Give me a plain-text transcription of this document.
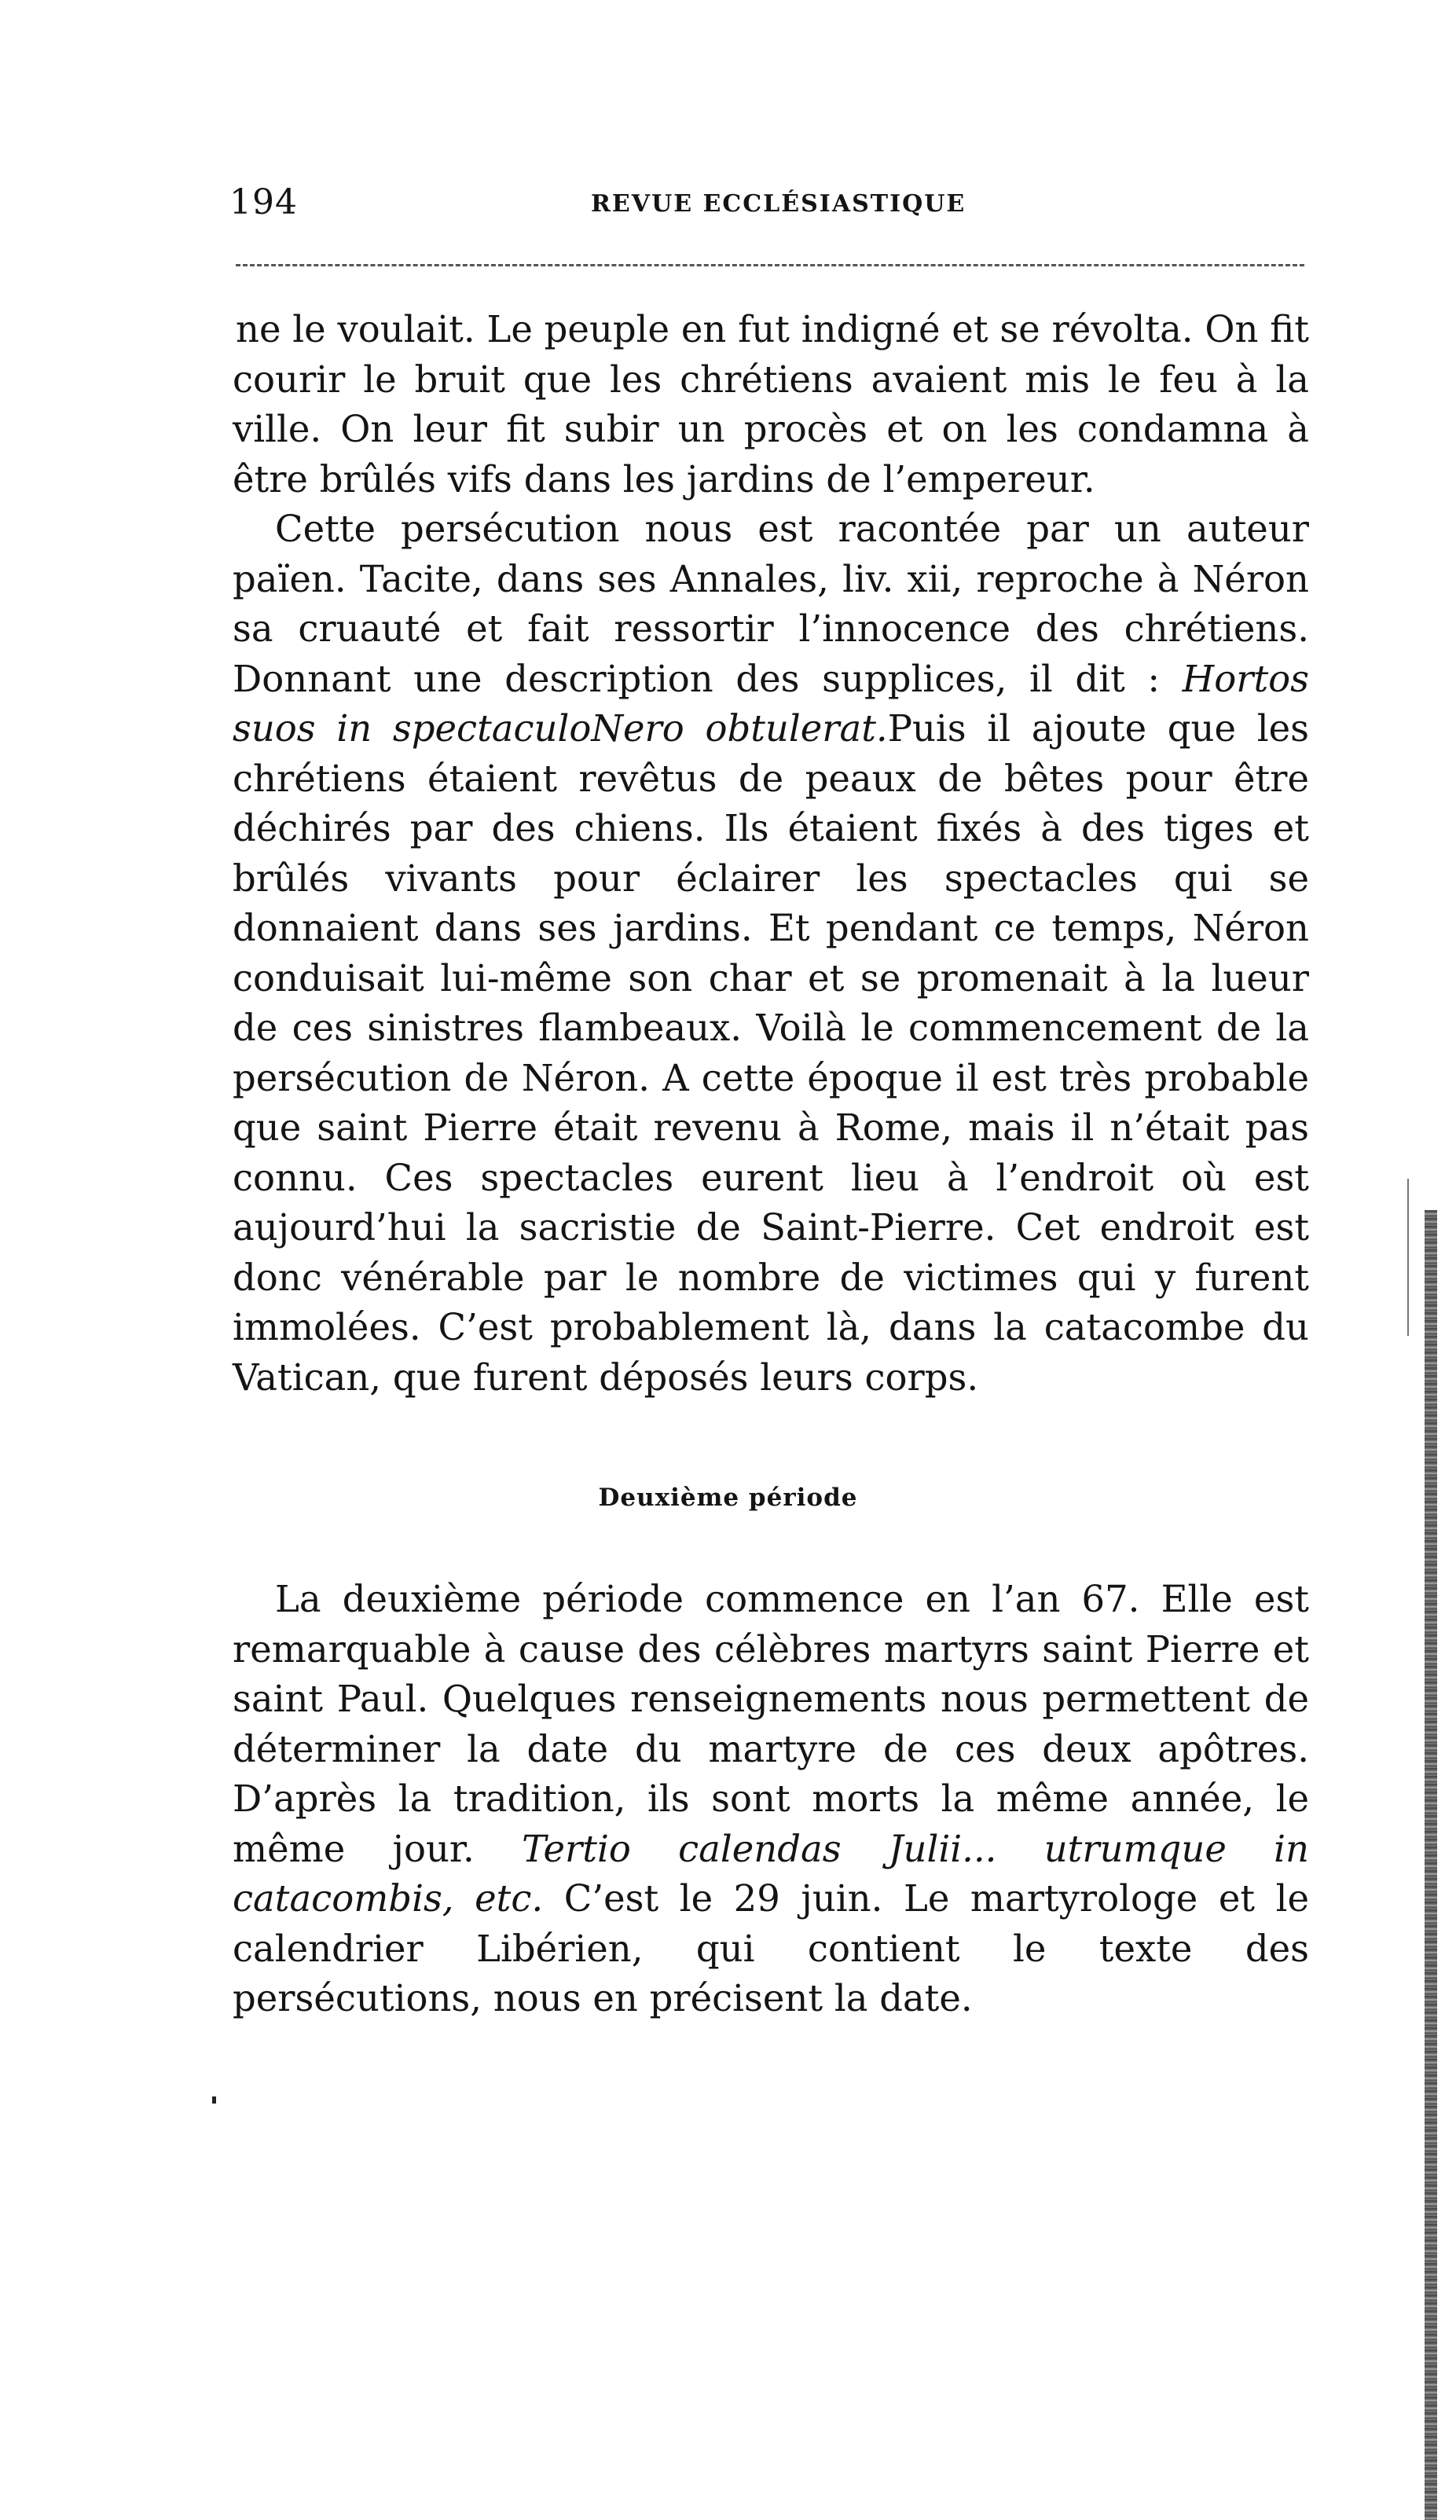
194	REVUE ECCLÉSIASTIQUE

ne le voulait. Le peuple en fut indigné et se révolta. On fit courir le bruit que les chrétiens avaient mis le feu à la ville. On leur fit subir un procès et on les condamna à être brûlés vifs dans les jardins de l’empereur.

Cette persécution nous est racontée par un auteur païen. Tacite, dans ses Annales, liv. xii, reproche à Néron sa cruauté et fait ressortir l’innocence des chrétiens. Donnant une description des supplices, il dit : Hortos suos in spectaculoNero obtulerat.Puis il ajoute que les chrétiens étaient revêtus de peaux de bêtes pour être déchirés par des chiens. Ils étaient fixés à des tiges et brûlés vivants pour éclairer les spectacles qui se donnaient dans ses jardins. Et pendant ce temps, Néron conduisait lui-même son char et se promenait à la lueur de ces sinistres flambeaux. Voilà le commencement de la persécution de Néron. A cette époque il est très probable que saint Pierre était revenu à Rome, mais il n’était pas connu. Ces spectacles eurent lieu à l’endroit où est aujourd’hui la sacristie de Saint-Pierre. Cet endroit est donc vénérable par le nombre de victimes qui y furent immolées. C’est probablement là, dans la catacombe du Vatican, que furent déposés leurs corps.

Deuxième période

La deuxième période commence en l’an 67. Elle est remarquable à cause des célèbres martyrs saint Pierre et saint Paul. Quelques renseignements nous permettent de déterminer la date du martyre de ces deux apôtres. D’après la tradition, ils sont morts la même année, le même jour. Tertio calendas Julii... utrumque in catacombis, etc. C’est le 29 juin. Le martyrologe et le calendrier Libérien, qui contient le texte des persécutions, nous en précisent la date.
